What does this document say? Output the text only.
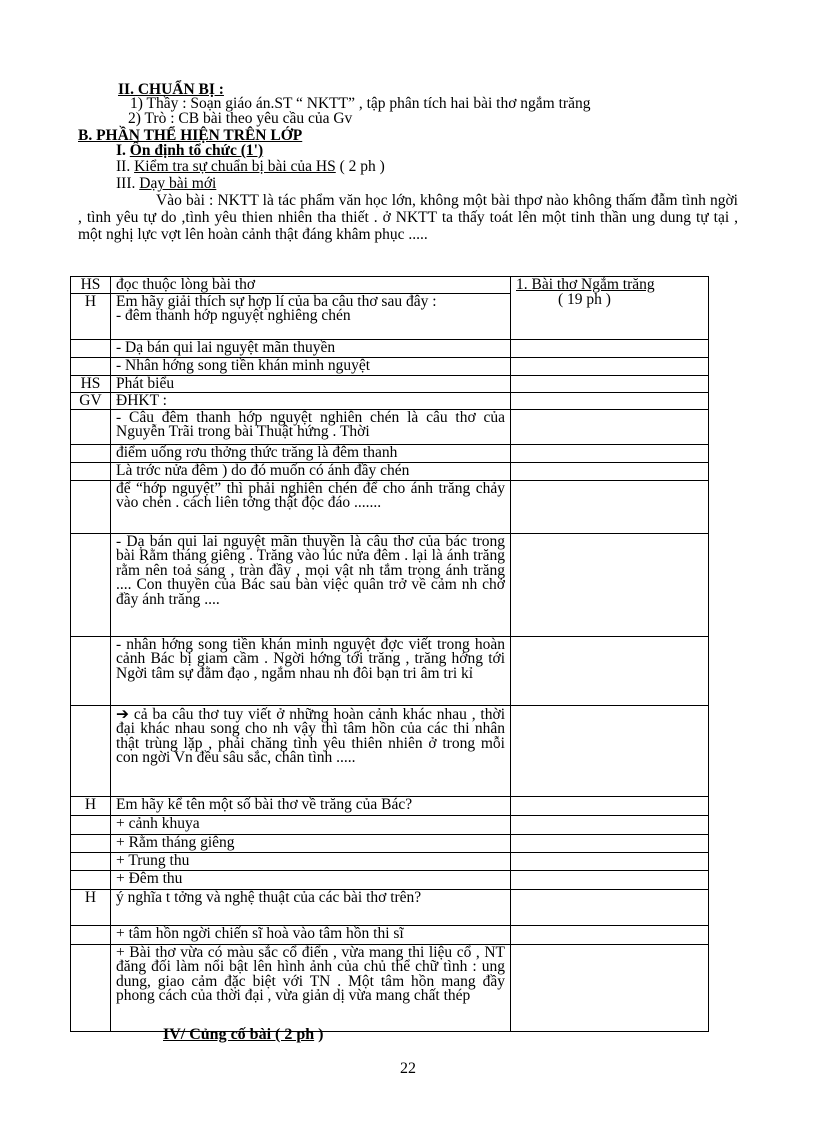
II. CHUẨN BỊ :
1) Thầy : Soạn giáo án.ST “ NKTT” , tập phân tích hai bài thơ ngắm trăng
2) Trò : CB bài theo yêu cầu của Gv
B. PHẦN THỂ HIỆN TRÊN LỚP
I. Ổn định tổ chức (1')
II. Kiểm tra sự chuẩn bị bài của HS ( 2 ph )
III. Dạy bài mới
Vào bài : NKTT là tác phẩm văn học lớn, không một bài thpơ nào không thấm đẫm tình ngời , tình yêu tự do ,tình yêu thien nhiên tha thiết . ở NKTT ta thấy toát lên một tinh thần ung dung tự tại , một nghị lực vợt lên hoàn cảnh thật đáng khâm phục .....
HS	đọc thuộc lòng bài thơ	1. Bài thơ Ngắm trăng
( 19 ph )

H	Em hãy giải thích sự hợp lí của ba câu thơ sau đây :
- đêm thanh hớp nguyệt nghiêng chén	

	- Dạ bán qui lai nguyệt mãn thuyền	

	- Nhân hớng song tiền khán minh nguyệt	

HS	Phát biểu	

GV	ĐHKT :	

	- Câu đêm thanh hớp nguyệt nghiên chén là câu thơ của Nguyễn Trãi trong bài Thuật hứng . Thời	

	điểm uống rơu thởng thức trăng là đêm thanh	

	Là trớc nửa đêm ) do đó muốn có ánh đầy chén	

	để “hớp nguyệt” thì phải nghiên chén để cho ánh trăng chảy vào chén . cách liên tởng thật độc đáo .......	

	- Dạ bán qui lai nguyệt mãn thuyền là câu thơ của bác trong bài Rằm tháng giêng . Trăng vào lúc nửa đêm . lại là ánh trăng rằm nên toả sáng , tràn đầy , mọi vật nh tắm trong ánh trăng .... Con thuyền của Bác sau bàn việc quân trở về cảm nh chở đầy ánh trăng ....	

	- nhân hớng song tiền khán minh nguyệt đợc viết trong hoàn cảnh Bác bị giam cầm . Ngời hớng tới trăng , trăng hớng tới Ngời tâm sự đằm đạo , ngắm nhau nh đôi bạn tri âm tri kỉ	

	➔ cả ba câu thơ tuy viết ở những hoàn cảnh khác nhau , thời đại khác nhau song cho nh vậy thì tâm hồn của các thi nhân thật trùng lặp , phải chăng tình yêu thiên nhiên ở trong mỗi con ngời Vn đều sâu sắc, chân tình .....	
H	Em hãy kể tên một số bài thơ về trăng của Bác?	

	+ cảnh khuya	

	+ Rằm tháng giêng	

	+ Trung thu	

	+ Đêm thu	

H	ý nghĩa t tởng và nghệ thuật của các bài thơ trên?	

	+ tâm hồn ngời chiến sĩ hoà vào tâm hồn thi sĩ	

	+ Bài thơ vừa có màu sắc cổ điển , vừa mang thi liệu cổ , NT đăng đối làm nổi bật lên hình ảnh của chủ thể chữ tình : ung dung, giao cảm đặc biệt với TN . Một tâm hồn mang đầy phong cách của thời đại , vừa giản dị vừa mang chất thép	

IV/ Củng cố bài ( 2 ph )
22
